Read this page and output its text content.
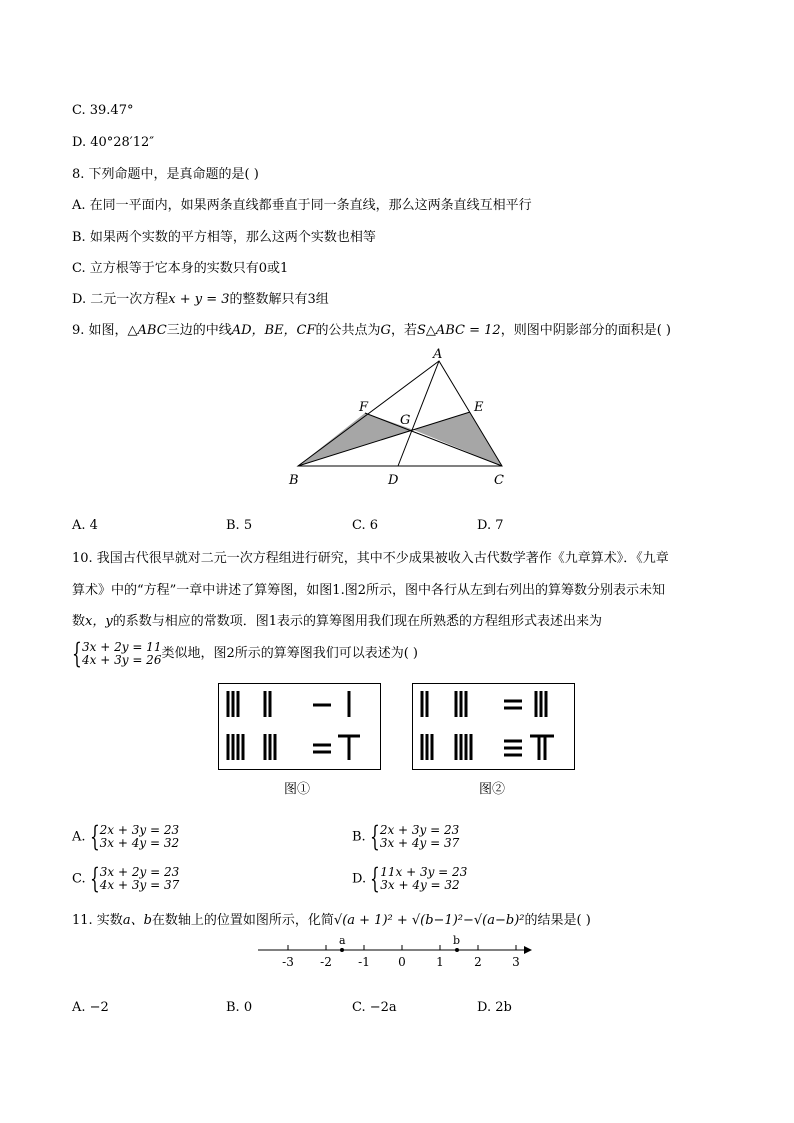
C. 39.47°
D. 40°28′12″
8. 下列命题中，是真命题的是( )
A. 在同一平面内，如果两条直线都垂直于同一条直线，那么这两条直线互相平行
B. 如果两个实数的平方相等，那么这两个实数也相等
C. 立方根等于它本身的实数只有0或1
D. 二元一次方程x + y = 3的整数解只有3组
9. 如图，△ABC三边的中线AD，BE，CF的公共点为G，若S△ABC = 12，则图中阴影部分的面积是( )
A
B	C
D
E
F
G
A. 4	B. 5	C. 6	D. 7
10. 我国古代很早就对二元一次方程组进行研究，其中不少成果被收入古代数学著作《九章算术》．《九章
算术》中的“方程”一章中讲述了算筹图，如图1.图2所示，图中各行从左到右列出的算筹数分别表示未知
数x，y的系数与相应的常数项．图1表示的算筹图用我们现在所熟悉的方程组形式表述出来为
{ 3x + 2y = 11
4x + 3y = 26 类似地，图2所示的算筹图我们可以表述为( )
图①	图②
A. { 2x + 3y = 23
3x + 4y = 32	B. { 2x + 3y = 23
3x + 4y = 37
C. { 3x + 2y = 23
4x + 3y = 37	D. { 11x + 3y = 23
3x + 4y = 32
11. 实数a、b在数轴上的位置如图所示，化简√(a + 1)² + √(b−1)²−√(a−b)²的结果是( )
-3 -2 -1 0	1	2	3
a	b
A. −2	B. 0	C. −2a	D. 2b
